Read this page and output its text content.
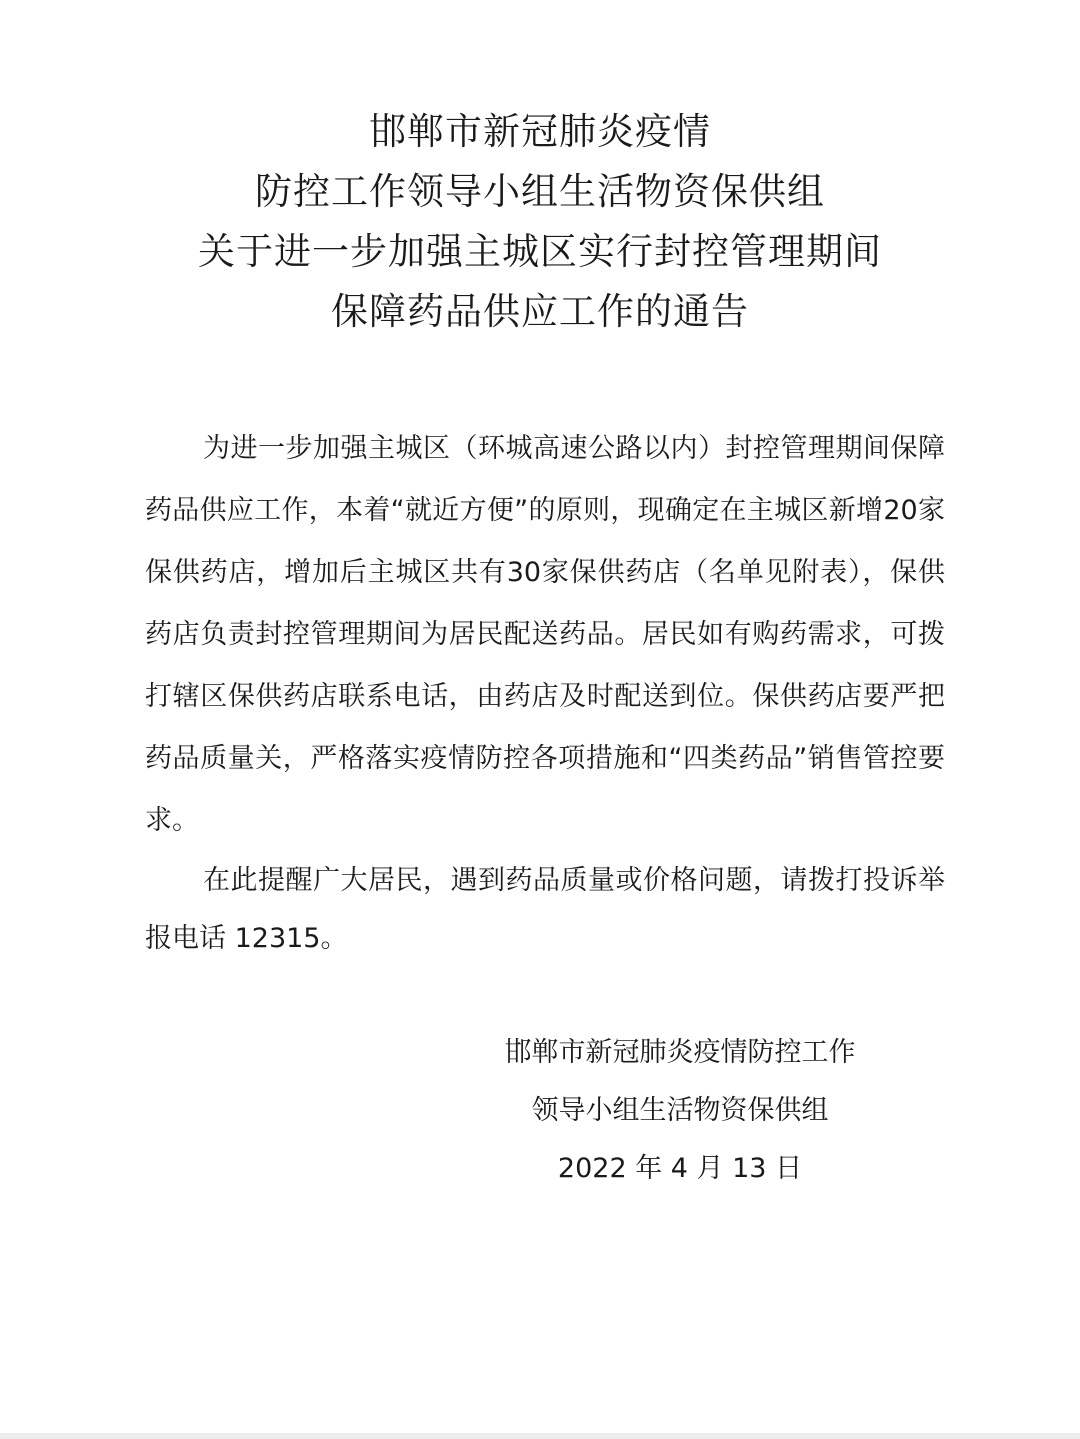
邯郸市新冠肺炎疫情
防控工作领导小组生活物资保供组
关于进一步加强主城区实行封控管理期间
保障药品供应工作的通告

为进一步加强主城区（环城高速公路以内）封控管理期间保障药品供应工作，本着“就近方便”的原则，现确定在主城区新增20家保供药店，增加后主城区共有30家保供药店（名单见附表），保供药店负责封控管理期间为居民配送药品。居民如有购药需求，可拨打辖区保供药店联系电话，由药店及时配送到位。保供药店要严把药品质量关，严格落实疫情防控各项措施和“四类药品”销售管控要求。

在此提醒广大居民，遇到药品质量或价格问题，请拨打投诉举报电话 12315。

邯郸市新冠肺炎疫情防控工作
领导小组生活物资保供组
2022 年 4 月 13 日
